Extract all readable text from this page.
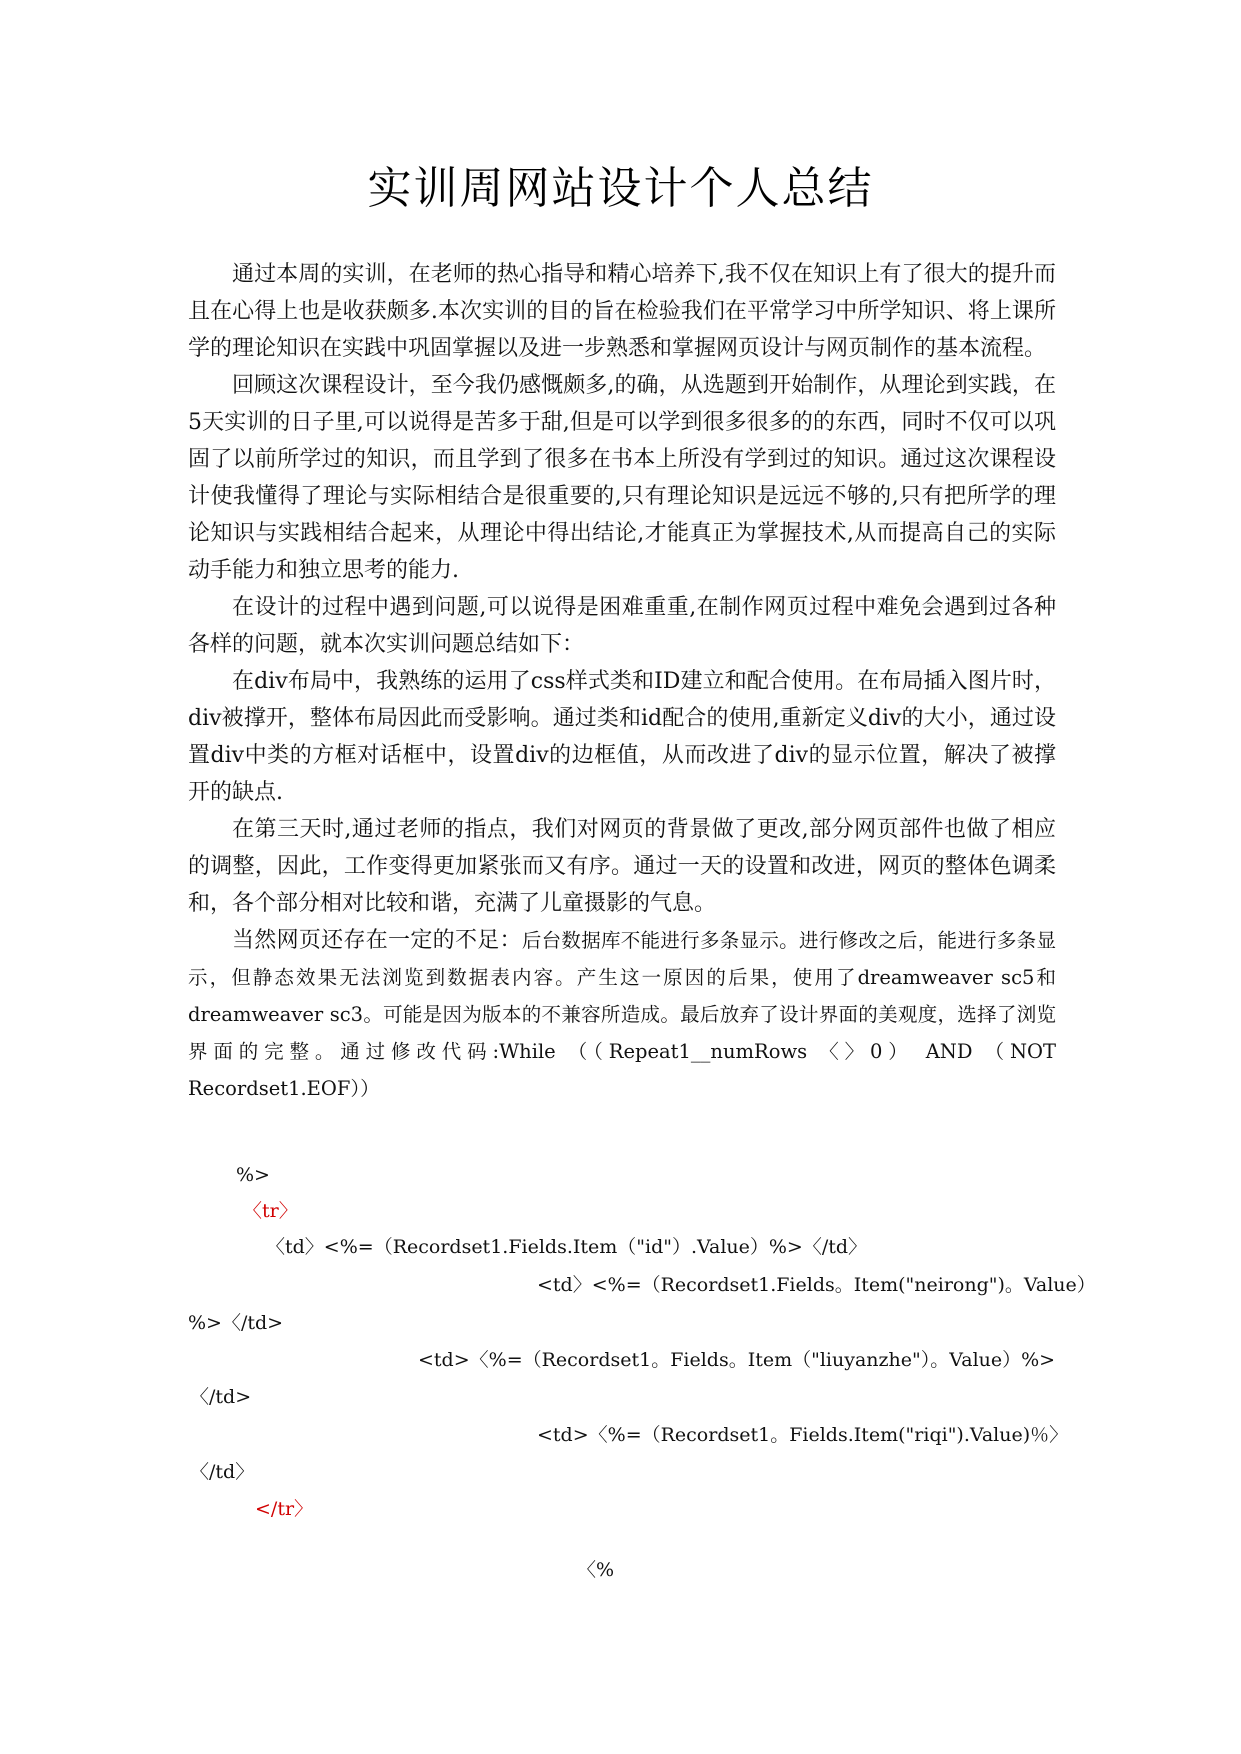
实训周网站设计个人总结

通过本周的实训，在老师的热心指导和精心培养下,我不仅在知识上有了很大的提升而且在心得上也是收获颇多.本次实训的目的旨在检验我们在平常学习中所学知识、将上课所学的理论知识在实践中巩固掌握以及进一步熟悉和掌握网页设计与网页制作的基本流程。

回顾这次课程设计，至今我仍感慨颇多,的确，从选题到开始制作，从理论到实践，在5天实训的日子里,可以说得是苦多于甜,但是可以学到很多很多的的东西，同时不仅可以巩固了以前所学过的知识，而且学到了很多在书本上所没有学到过的知识。通过这次课程设计使我懂得了理论与实际相结合是很重要的,只有理论知识是远远不够的,只有把所学的理论知识与实践相结合起来，从理论中得出结论,才能真正为掌握技术,从而提高自己的实际动手能力和独立思考的能力.

在设计的过程中遇到问题,可以说得是困难重重,在制作网页过程中难免会遇到过各种各样的问题，就本次实训问题总结如下：

在div布局中，我熟练的运用了css样式类和ID建立和配合使用。在布局插入图片时，div被撑开，整体布局因此而受影响。通过类和id配合的使用,重新定义div的大小，通过设置div中类的方框对话框中，设置div的边框值，从而改进了div的显示位置，解决了被撑开的缺点.

在第三天时,通过老师的指点，我们对网页的背景做了更改,部分网页部件也做了相应的调整，因此，工作变得更加紧张而又有序。通过一天的设置和改进，网页的整体色调柔和，各个部分相对比较和谐，充满了儿童摄影的气息。

当然网页还存在一定的不足：后台数据库不能进行多条显示。进行修改之后，能进行多条显示，但静态效果无法浏览到数据表内容。产生这一原因的后果，使用了dreamweaver sc5和dreamweaver sc3。可能是因为版本的不兼容所造成。最后放弃了设计界面的美观度，选择了浏览界面的完整。通过修改代码:While （（Repeat1__numRows 〈〉0） AND （NOT Recordset1.EOF））

%>

〈tr〉

〈td〉<%=（Recordset1.Fields.Item（"id"）.Value）%>〈/td〉

<td〉<%=（Recordset1.Fields。Item("neirong")。Value）

%>〈/td>

<td>〈%=（Recordset1。Fields。Item（"liuyanzhe"）。Value）%>

〈/td>

<td>〈%=（Recordset1。Fields.Item("riqi").Value)％〉

〈/td〉

</tr〉

〈%
